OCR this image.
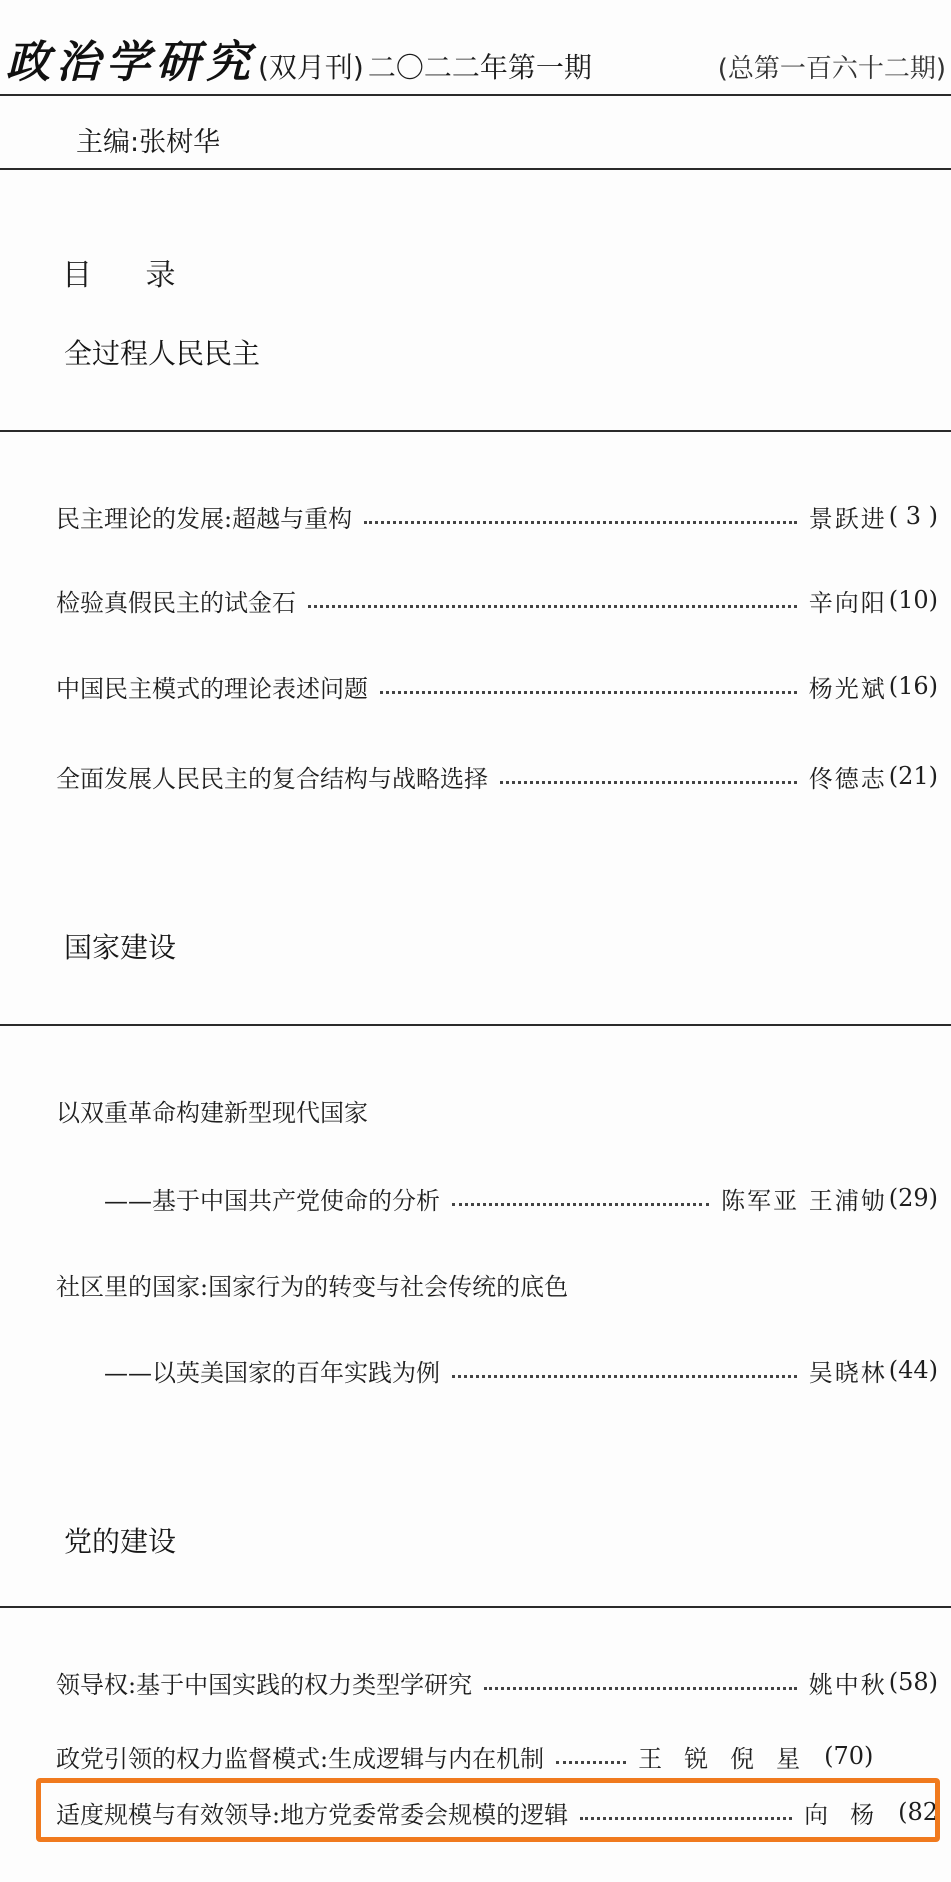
政治学研究 (双月刊) 二〇二二年第一期	(总第一百六十二期)
主编:张树华
目 录
全过程人民民主
民主理论的发展:超越与重构	景跃进 ( 3 )
检验真假民主的试金石	辛向阳 (10)
中国民主模式的理论表述问题	杨光斌 (16)
全面发展人民民主的复合结构与战略选择	佟德志 (21)
国家建设
以双重革命构建新型现代国家
——基于中国共产党使命的分析	陈军亚 王浦劬 (29)
社区里的国家:国家行为的转变与社会传统的底色
——以英美国家的百年实践为例	吴晓林 (44)
党的建设
领导权:基于中国实践的权力类型学研究	姚中秋 (58)
政党引领的权力监督模式:生成逻辑与内在机制	王锐倪星 (70)
适度规模与有效领导:地方党委常委会规模的逻辑	向杨 (82
